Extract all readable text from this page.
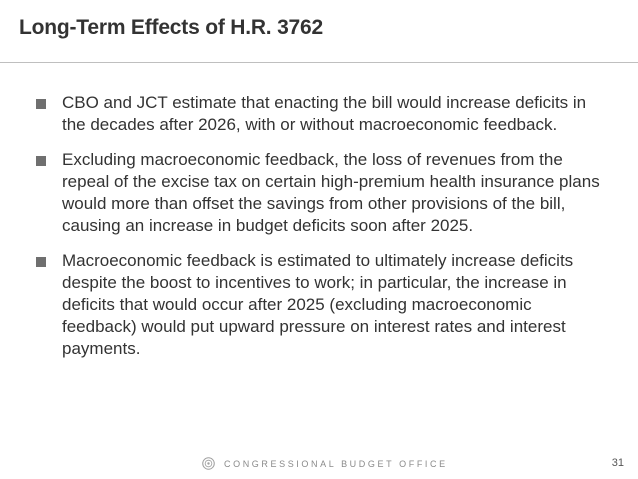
Long-Term Effects of H.R. 3762
CBO and JCT estimate that enacting the bill would increase deficits in the decades after 2026, with or without macroeconomic feedback.
Excluding macroeconomic feedback, the loss of revenues from the repeal of the excise tax on certain high-premium health insurance plans would more than offset the savings from other provisions of the bill, causing an increase in budget deficits soon after 2025.
Macroeconomic feedback is estimated to ultimately increase deficits despite the boost to incentives to work; in particular, the increase in deficits that would occur after 2025 (excluding macroeconomic feedback) would put upward pressure on interest rates and interest payments.
CONGRESSIONAL BUDGET OFFICE	31
